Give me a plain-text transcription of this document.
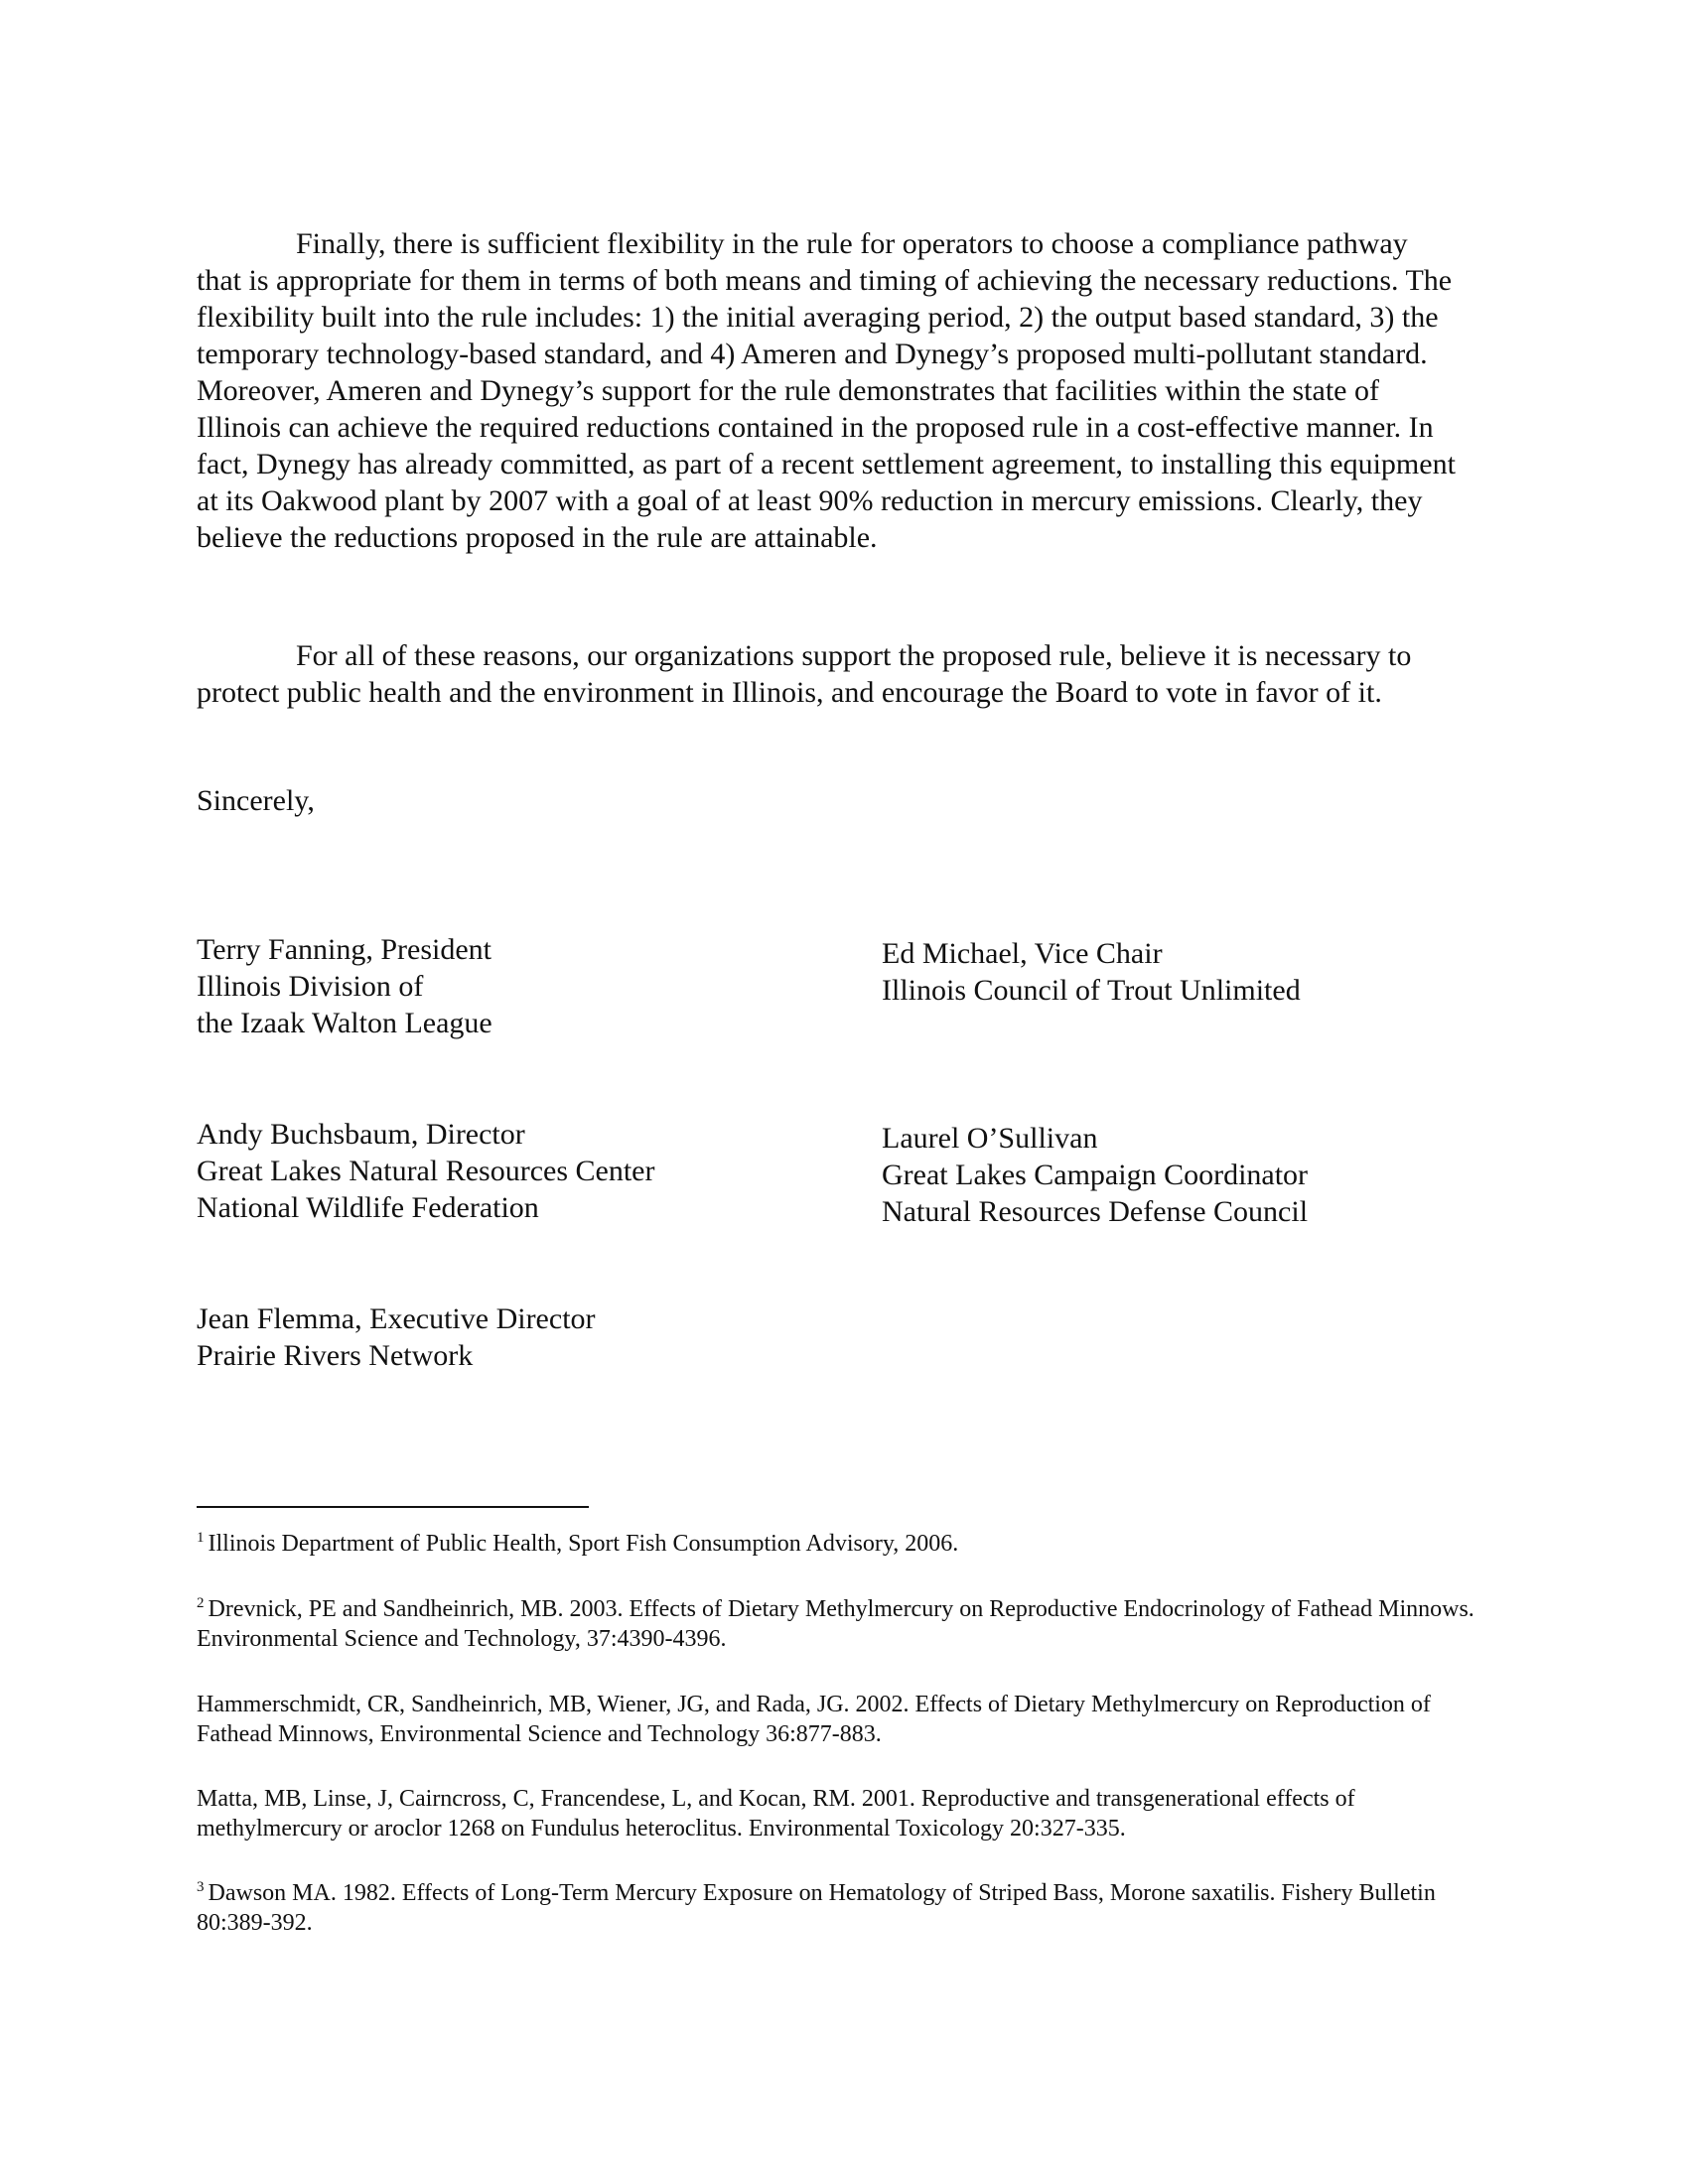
Finally, there is sufficient flexibility in the rule for operators to choose a compliance pathway that is appropriate for them in terms of both means and timing of achieving the necessary reductions. The flexibility built into the rule includes: 1) the initial averaging period, 2) the output based standard, 3) the temporary technology-based standard, and 4) Ameren and Dynegy’s proposed multi-pollutant standard. Moreover, Ameren and Dynegy’s support for the rule demonstrates that facilities within the state of Illinois can achieve the required reductions contained in the proposed rule in a cost-effective manner. In fact, Dynegy has already committed, as part of a recent settlement agreement, to installing this equipment at its Oakwood plant by 2007 with a goal of at least 90% reduction in mercury emissions. Clearly, they believe the reductions proposed in the rule are attainable.

For all of these reasons, our organizations support the proposed rule, believe it is necessary to protect public health and the environment in Illinois, and encourage the Board to vote in favor of it.

Sincerely,

Terry Fanning, President
Illinois Division of
the Izaak Walton League
Ed Michael, Vice Chair
Illinois Council of Trout Unlimited
Andy Buchsbaum, Director
Great Lakes Natural Resources Center
National Wildlife Federation
Laurel O’Sullivan
Great Lakes Campaign Coordinator
Natural Resources Defense Council
Jean Flemma, Executive Director
Prairie Rivers Network

$^1$ Illinois Department of Public Health, Sport Fish Consumption Advisory, 2006.

$^2$ Drevnick, PE and Sandheinrich, MB. 2003. Effects of Dietary Methylmercury on Reproductive Endocrinology of Fathead Minnows. Environmental Science and Technology, 37:4390-4396.

Hammerschmidt, CR, Sandheinrich, MB, Wiener, JG, and Rada, JG. 2002. Effects of Dietary Methylmercury on Reproduction of Fathead Minnows, Environmental Science and Technology 36:877-883.

Matta, MB, Linse, J, Cairncross, C, Francendese, L, and Kocan, RM. 2001. Reproductive and transgenerational effects of methylmercury or aroclor 1268 on Fundulus heteroclitus. Environmental Toxicology 20:327-335.

$^3$ Dawson MA. 1982. Effects of Long-Term Mercury Exposure on Hematology of Striped Bass, Morone saxatilis. Fishery Bulletin 80:389-392.
